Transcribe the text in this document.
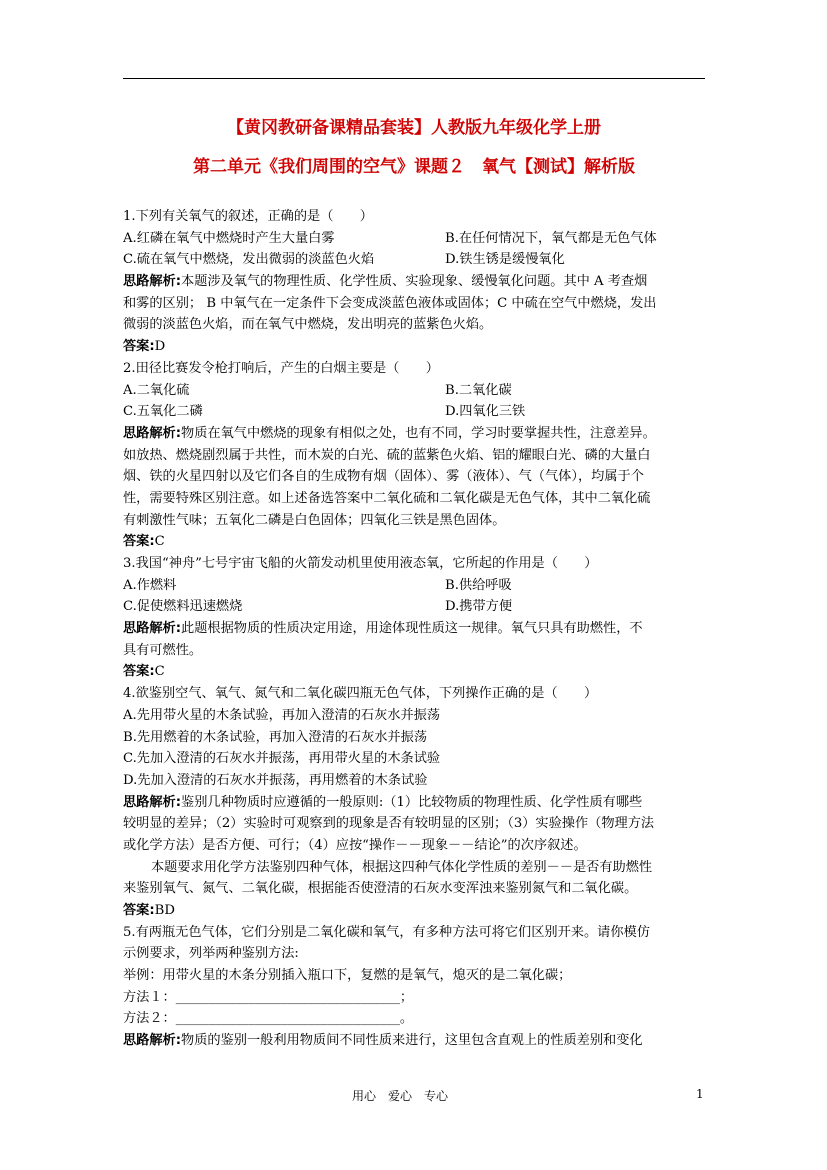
【黄冈教研备课精品套装】人教版九年级化学上册
第二单元《我们周围的空气》课题２　氧气【测试】解析版
1.下列有关氧气的叙述，正确的是（　　）
A.红磷在氧气中燃烧时产生大量白雾	B.在任何情况下，氧气都是无色气体
C.硫在氧气中燃烧，发出微弱的淡蓝色火焰	D.铁生锈是缓慢氧化
思路解析:本题涉及氧气的物理性质、化学性质、实验现象、缓慢氧化问题。其中 A 考查烟
和雾的区别； B 中氧气在一定条件下会变成淡蓝色液体或固体；C 中硫在空气中燃烧，发出
微弱的淡蓝色火焰，而在氧气中燃烧，发出明亮的蓝紫色火焰。
答案:D
2.田径比赛发令枪打响后，产生的白烟主要是（　　）
A.二氧化硫	B.二氧化碳
C.五氧化二磷	D.四氧化三铁
思路解析:物质在氧气中燃烧的现象有相似之处，也有不同，学习时要掌握共性，注意差异。
如放热、燃烧剧烈属于共性，而木炭的白光、硫的蓝紫色火焰、铝的耀眼白光、磷的大量白
烟、铁的火星四射以及它们各自的生成物有烟（固体）、雾（液体）、气（气体），均属于个
性，需要特殊区别注意。如上述备选答案中二氧化硫和二氧化碳是无色气体，其中二氧化硫
有刺激性气味；五氧化二磷是白色固体；四氧化三铁是黑色固体。
答案:C
3.我国“神舟”七号宇宙飞船的火箭发动机里使用液态氧，它所起的作用是（　　）
A.作燃料	B.供给呼吸
C.促使燃料迅速燃烧	D.携带方便
思路解析:此题根据物质的性质决定用途，用途体现性质这一规律。氧气只具有助燃性，不
具有可燃性。
答案:C
4.欲鉴别空气、氧气、氮气和二氧化碳四瓶无色气体，下列操作正确的是（　　）
A.先用带火星的木条试验，再加入澄清的石灰水并振荡
B.先用燃着的木条试验，再加入澄清的石灰水并振荡
C.先加入澄清的石灰水并振荡，再用带火星的木条试验
D.先加入澄清的石灰水并振荡，再用燃着的木条试验
思路解析:鉴别几种物质时应遵循的一般原则:（1）比较物质的物理性质、化学性质有哪些
较明显的差异；（2）实验时可观察到的现象是否有较明显的区别；（3）实验操作（物理方法
或化学方法）是否方便、可行；（4）应按“操作－－现象－－结论”的次序叙述。
本题要求用化学方法鉴别四种气体，根据这四种气体化学性质的差别－－是否有助燃性
来鉴别氧气、氮气、二氧化碳，根据能否使澄清的石灰水变浑浊来鉴别氮气和二氧化碳。
答案:BD
5.有两瓶无色气体，它们分别是二氧化碳和氧气，有多种方法可将它们区别开来。请你模仿
示例要求，列举两种鉴别方法:
举例：用带火星的木条分别插入瓶口下，复燃的是氧气，熄灭的是二氧化碳；
方法１：__________________________________；
方法２：__________________________________。
思路解析:物质的鉴别一般利用物质间不同性质来进行，这里包含直观上的性质差别和变化
用心　爱心　专心	1
